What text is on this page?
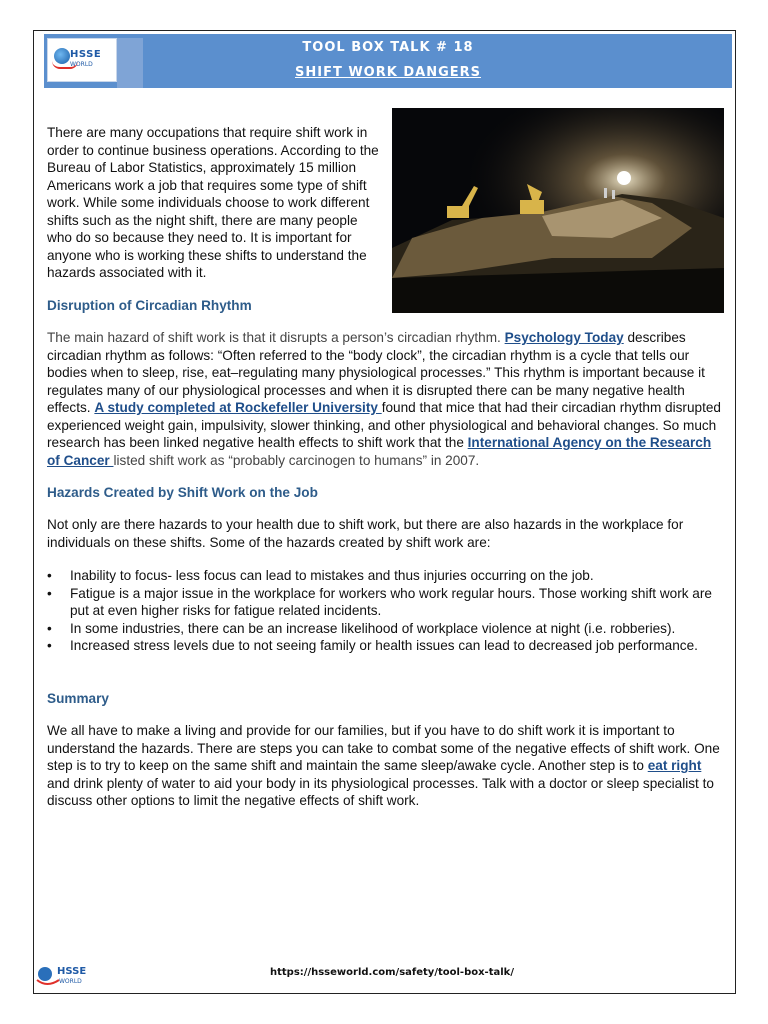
HSSE
WORLD
TOOL BOX TALK # 18
SHIFT WORK DANGERS
There are many occupations that require shift work in order to continue business operations. According to the Bureau of Labor Statistics, approximately 15 million Americans work a job that requires some type of shift work. While some individuals choose to work different shifts such as the night shift, there are many people who do so because they need to. It is important for anyone who is working these shifts to understand the hazards associated with it.
Disruption of Circadian Rhythm
The main hazard of shift work is that it disrupts a person’s circadian rhythm. Psychology Today describes circadian rhythm as follows: “Often referred to the “body clock”, the circadian rhythm is a cycle that tells our bodies when to sleep, rise, eat–regulating many physiological processes.” This rhythm is important because it regulates many of our physiological processes and when it is disrupted there can be many negative health effects. A study completed at Rockefeller University found that mice that had their circadian rhythm disrupted experienced weight gain, impulsivity, slower thinking, and other physiological and behavioral changes. So much research has been linked negative health effects to shift work that the International Agency on the Research of Cancer listed shift work as “probably carcinogen to humans” in 2007.
Hazards Created by Shift Work on the Job
Not only are there hazards to your health due to shift work, but there are also hazards in the workplace for individuals on these shifts. Some of the hazards created by shift work are:
• Inability to focus- less focus can lead to mistakes and thus injuries occurring on the job.
• Fatigue is a major issue in the workplace for workers who work regular hours. Those working shift work are put at even higher risks for fatigue related incidents.
• In some industries, there can be an increase likelihood of workplace violence at night (i.e. robberies).
• Increased stress levels due to not seeing family or health issues can lead to decreased job performance.
Summary
We all have to make a living and provide for our families, but if you have to do shift work it is important to understand the hazards. There are steps you can take to combat some of the negative effects of shift work. One step is to try to keep on the same shift and maintain the same sleep/awake cycle. Another step is to eat right and drink plenty of water to aid your body in its physiological processes. Talk with a doctor or sleep specialist to discuss other options to limit the negative effects of shift work.
HSSE
WORLD
https://hsseworld.com/safety/tool-box-talk/
